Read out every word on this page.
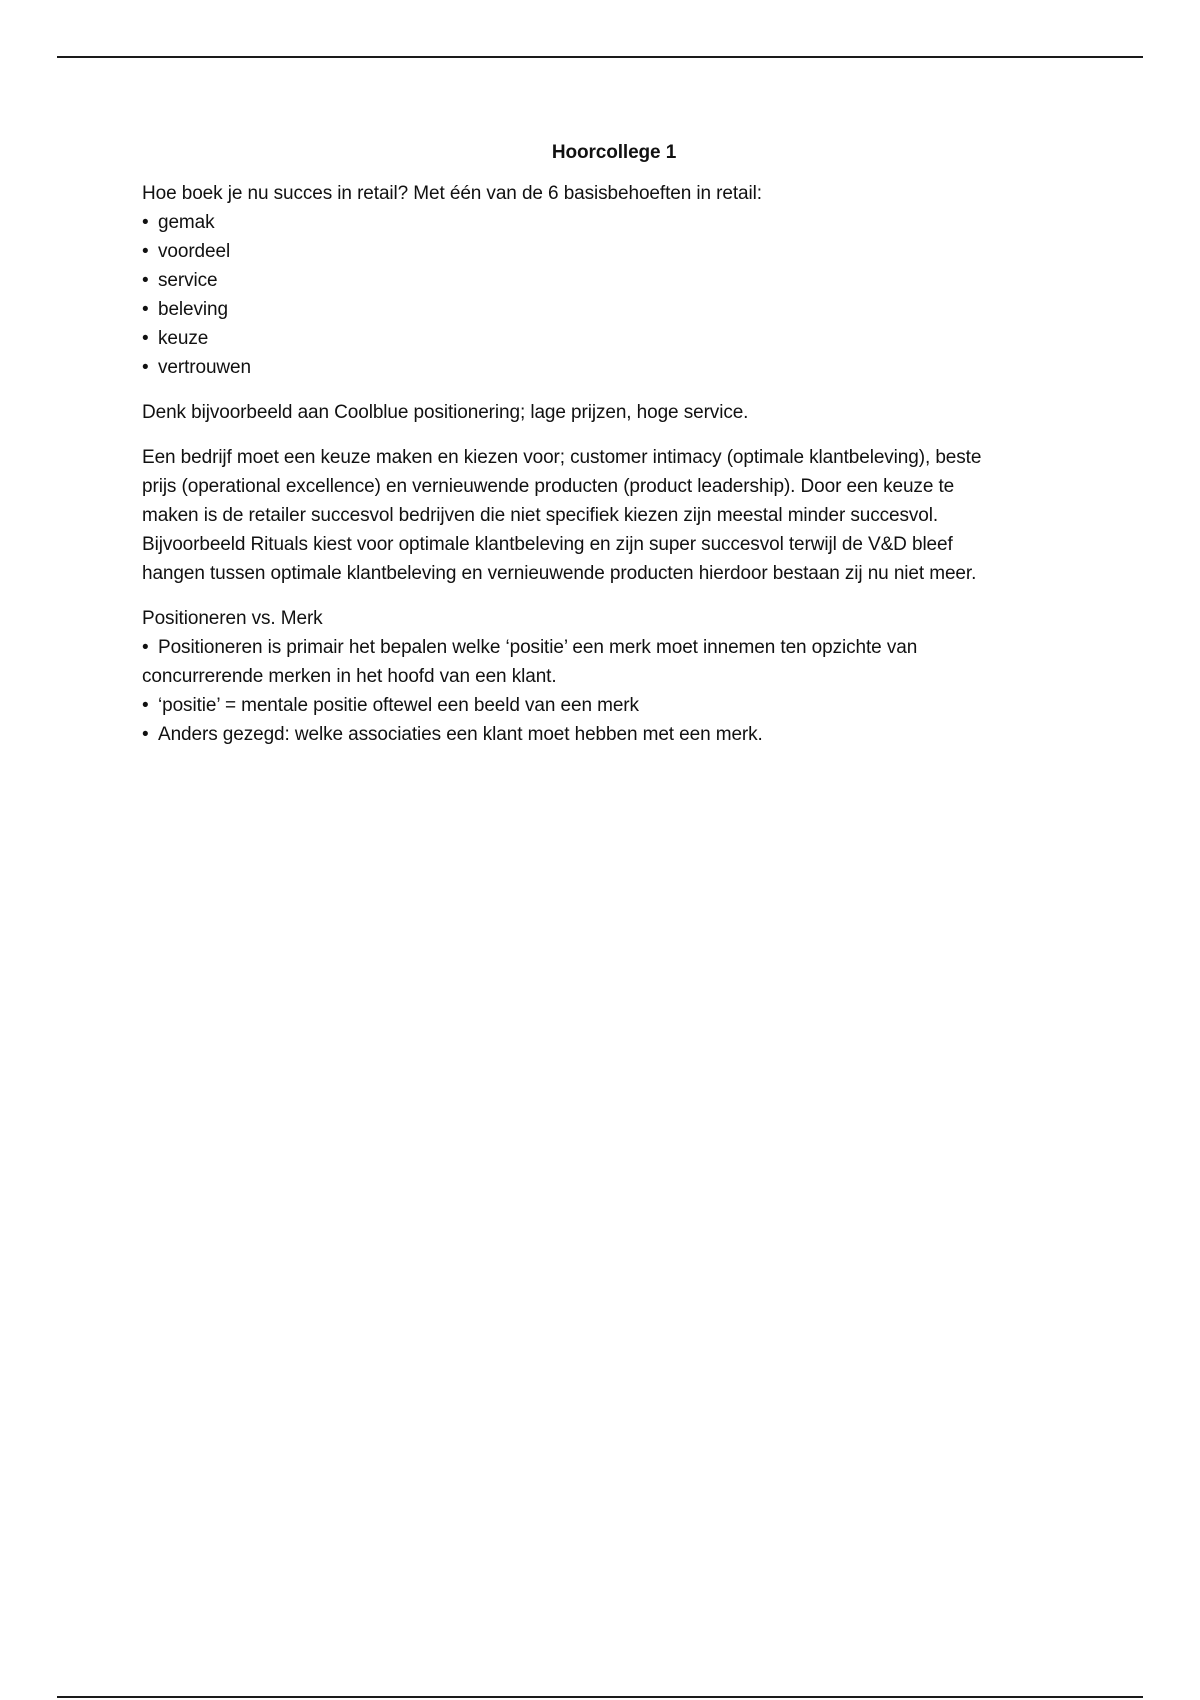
Hoorcollege 1

Hoe boek je nu succes in retail? Met één van de 6 basisbehoeften in retail:

• gemak
• voordeel
• service
• beleving
• keuze
• vertrouwen

Denk bijvoorbeeld aan Coolblue positionering; lage prijzen, hoge service.

Een bedrijf moet een keuze maken en kiezen voor; customer intimacy (optimale klantbeleving), beste
prijs (operational excellence) en vernieuwende producten (product leadership). Door een keuze te
maken is de retailer succesvol bedrijven die niet specifiek kiezen zijn meestal minder succesvol.
Bijvoorbeeld Rituals kiest voor optimale klantbeleving en zijn super succesvol terwijl de V&D bleef
hangen tussen optimale klantbeleving en vernieuwende producten hierdoor bestaan zij nu niet meer.

Positioneren vs. Merk

• Positioneren is primair het bepalen welke ‘positie’ een merk moet innemen ten opzichte van
concurrerende merken in het hoofd van een klant.
• ‘positie’ = mentale positie oftewel een beeld van een merk
• Anders gezegd: welke associaties een klant moet hebben met een merk.
